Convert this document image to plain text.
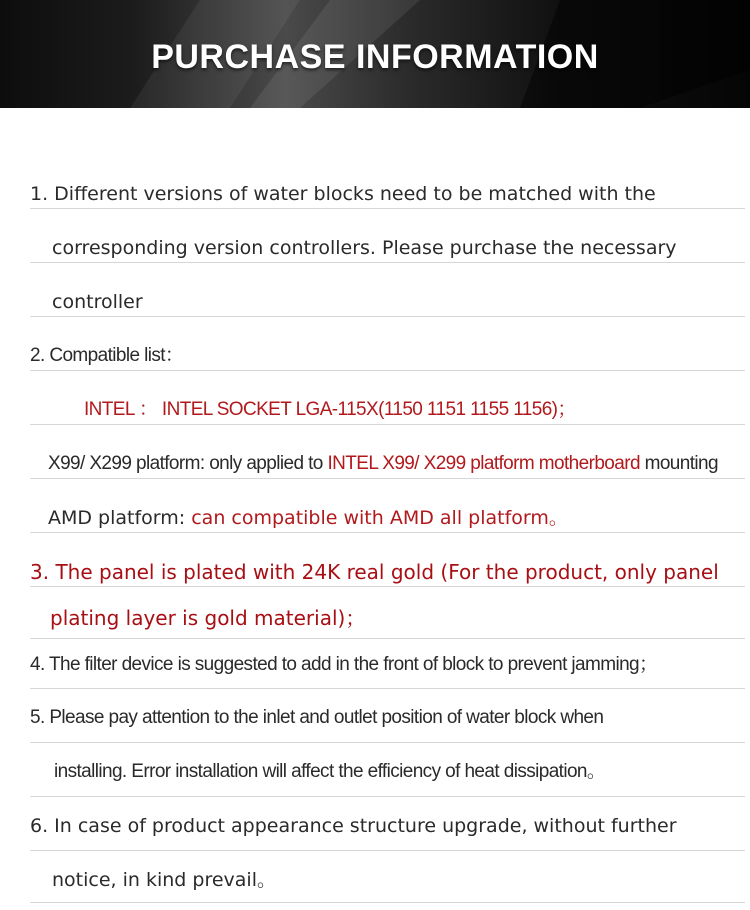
PURCHASE INFORMATION
1. Different versions of water blocks need to be matched with the
corresponding version controllers. Please purchase the necessary
controller
2. Compatible list：
INTEL ： INTEL SOCKET LGA-115X(1150 1151 1155 1156)；
X99/ X299 platform: only applied to INTEL X99/ X299 platform motherboard mounting
AMD platform: can compatible with AMD all platform。
3. The panel is plated with 24K real gold (For the product, only panel
plating layer is gold material)；
4. The filter device is suggested to add in the front of block to prevent jamming；
5. Please pay attention to the inlet and outlet position of water block when
installing. Error installation will affect the efficiency of heat dissipation。
6. In case of product appearance structure upgrade, without further
notice, in kind prevail。
